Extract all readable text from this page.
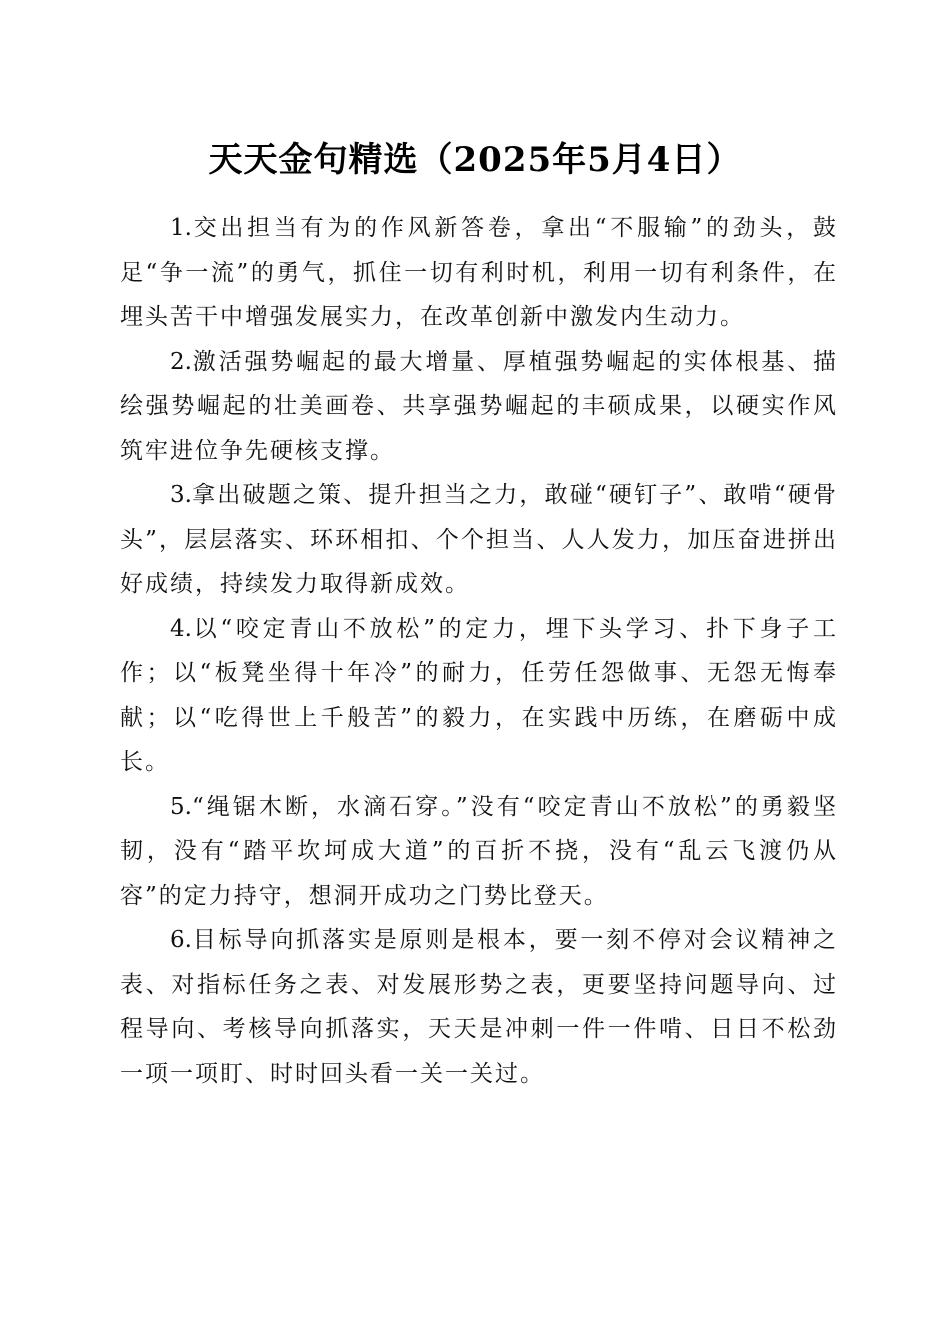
天天金句精选（2025年5月4日）

1.交出担当有为的作风新答卷，拿出“不服输”的劲头，鼓足“争一流”的勇气，抓住一切有利时机，利用一切有利条件，在埋头苦干中增强发展实力，在改革创新中激发内生动力。

2.激活强势崛起的最大增量、厚植强势崛起的实体根基、描绘强势崛起的壮美画卷、共享强势崛起的丰硕成果，以硬实作风筑牢进位争先硬核支撑。

3.拿出破题之策、提升担当之力，敢碰“硬钉子”、敢啃“硬骨头”，层层落实、环环相扣、个个担当、人人发力，加压奋进拼出好成绩，持续发力取得新成效。

4.以“咬定青山不放松”的定力，埋下头学习、扑下身子工作；以“板凳坐得十年冷”的耐力，任劳任怨做事、无怨无悔奉献；以“吃得世上千般苦”的毅力，在实践中历练，在磨砺中成长。

5.“绳锯木断，水滴石穿。”没有“咬定青山不放松”的勇毅坚韧，没有“踏平坎坷成大道”的百折不挠，没有“乱云飞渡仍从容”的定力持守，想洞开成功之门势比登天。

6.目标导向抓落实是原则是根本，要一刻不停对会议精神之表、对指标任务之表、对发展形势之表，更要坚持问题导向、过程导向、考核导向抓落实，天天是冲刺一件一件啃、日日不松劲一项一项盯、时时回头看一关一关过。
